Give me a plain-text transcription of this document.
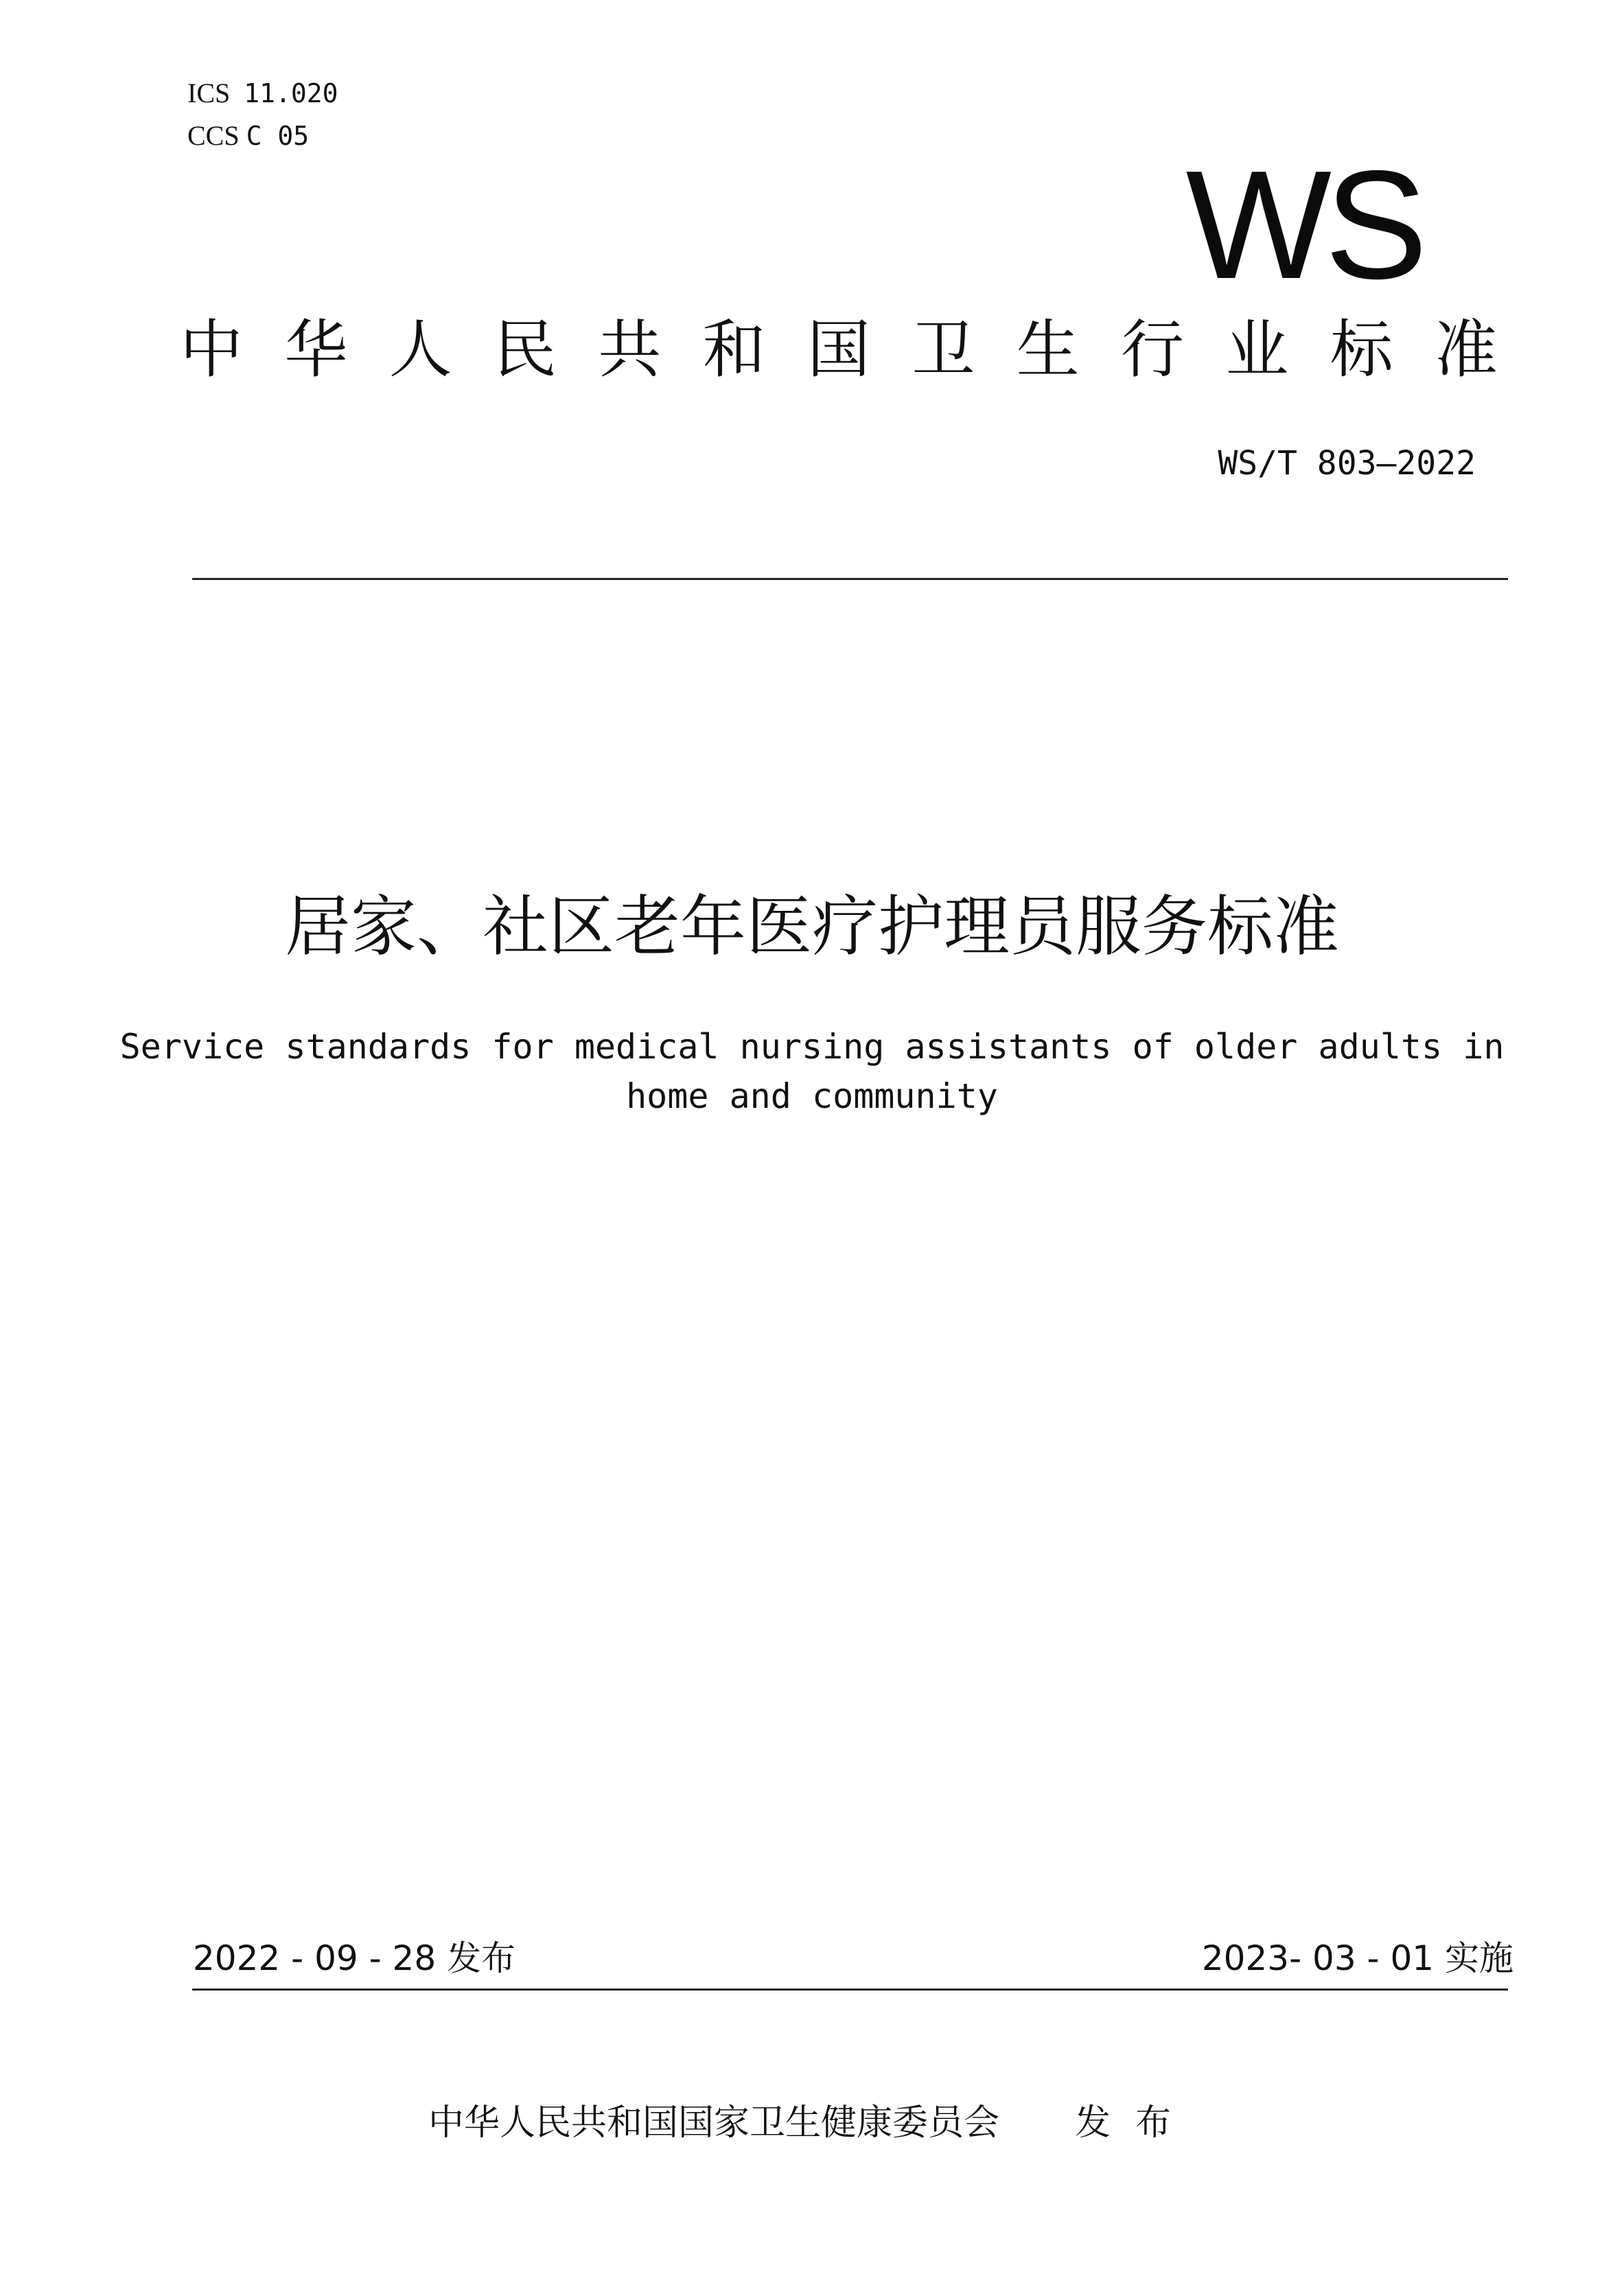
ICS 11.020
CCS C 05
WS
中华人民共和国卫生行业标准
WS/T 803—2022
居家、社区老年医疗护理员服务标准
Service standards for medical nursing assistants of older adults in
home and community
2022 - 09 - 28 发布	2023- 03 - 01 实施
中华人民共和国国家卫生健康委员会 发布
